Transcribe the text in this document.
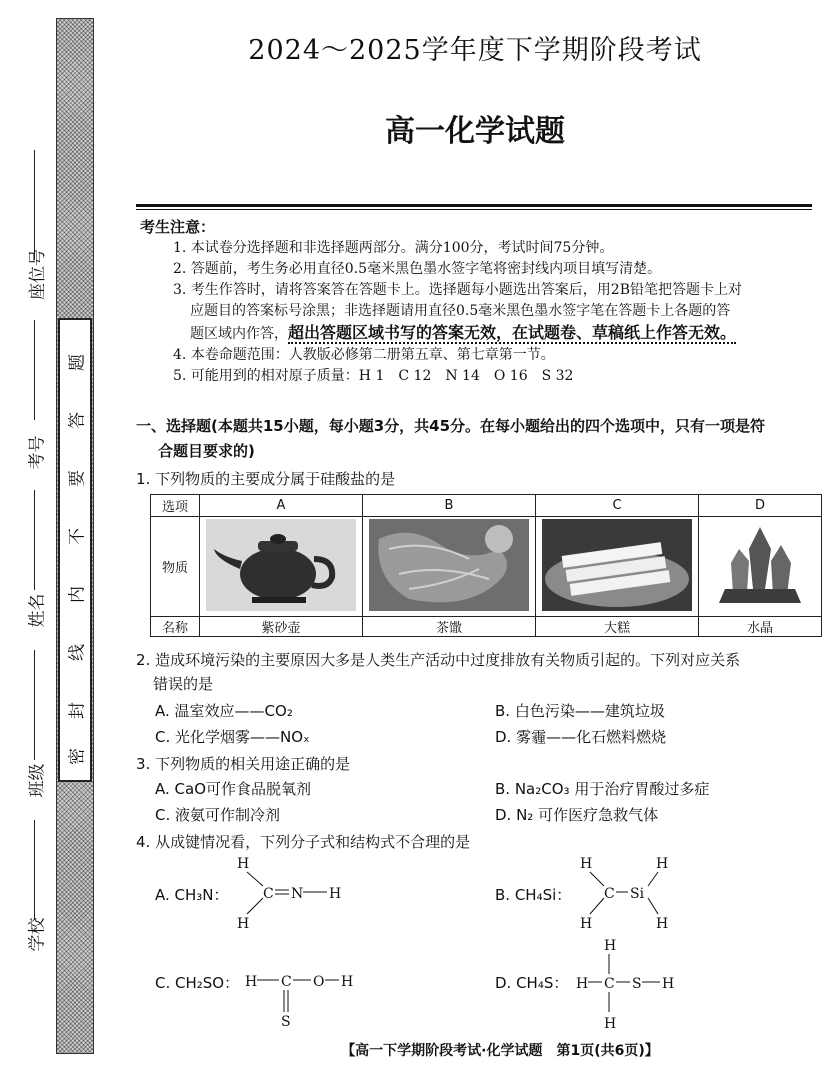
题
答
要
不
内
线
封
密
座位号
考号
姓名
班级
学校
2024～2025学年度下学期阶段考试
高一化学试题
考生注意：
1. 本试卷分选择题和非选择题两部分。满分100分，考试时间75分钟。
2. 答题前，考生务必用直径0.5毫米黑色墨水签字笔将密封线内项目填写清楚。
3. 考生作答时，请将答案答在答题卡上。选择题每小题选出答案后，用2B铅笔把答题卡上对
应题目的答案标号涂黑；非选择题请用直径0.5毫米黑色墨水签字笔在答题卡上各题的答
题区域内作答，超出答题区域书写的答案无效，在试题卷、草稿纸上作答无效。
4. 本卷命题范围：人教版必修第二册第五章、第七章第一节。
5. 可能用到的相对原子质量：H 1　C 12　N 14　O 16　S 32
一、选择题(本题共15小题，每小题3分，共45分。在每小题给出的四个选项中，只有一项是符
合题目要求的)
1. 下列物质的主要成分属于硅酸盐的是
选项	A	B	C	D
物质				
名称	紫砂壶	茶馓	大糕	水晶
2. 造成环境污染的主要原因大多是人类生产活动中过度排放有关物质引起的。下列对应关系
错误的是
A. 温室效应——CO₂	B. 白色污染——建筑垃圾
C. 光化学烟雾——NOₓ	D. 雾霾——化石燃料燃烧
3. 下列物质的相关用途正确的是
A. CaO可作食品脱氧剂	B. Na₂CO₃ 用于治疗胃酸过多症
C. 液氨可作制冷剂	D. N₂ 可作医疗急救气体
4. 从成键情况看，下列分子式和结构式不合理的是
A. CH₃N：
H
H
C N H	B. CH₄Si：
H
H
C Si
H
H
C. CH₂SO： H C O H
S
D. CH₄S：
H
H C S H
H
【高一下学期阶段考试·化学试题　第1页(共6页)】
